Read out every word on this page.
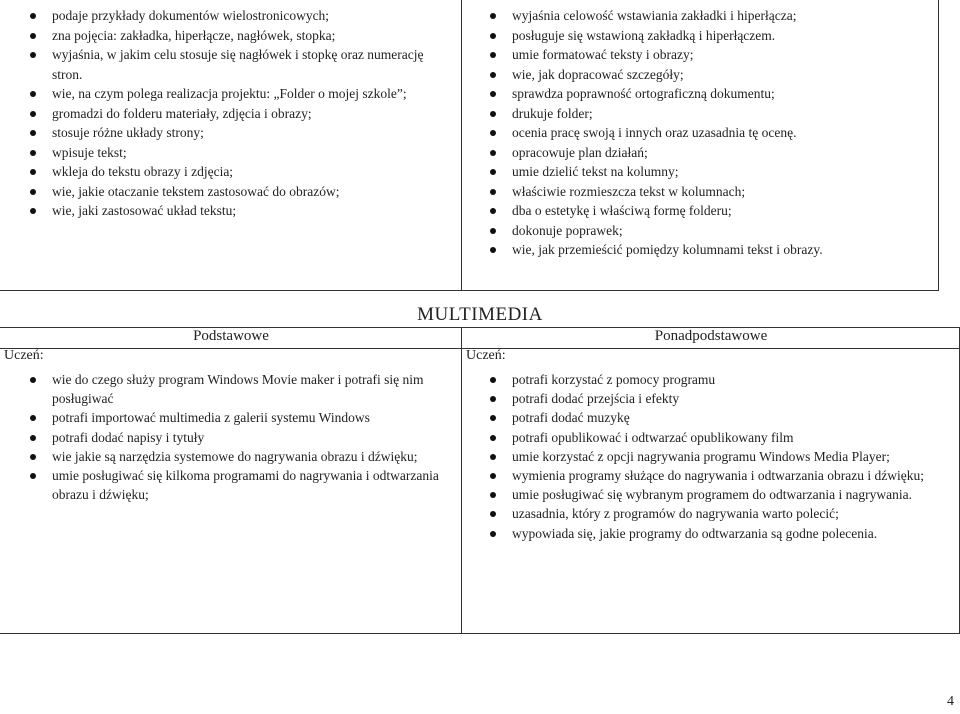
podaje przykłady dokumentów wielostronicowych;
zna pojęcia: zakładka, hiperłącze, nagłówek, stopka;
wyjaśnia, w jakim celu stosuje się nagłówek i stopkę oraz numerację stron.
wie, na czym polega realizacja projektu: „Folder o mojej szkole”;
gromadzi do folderu materiały, zdjęcia i obrazy;
stosuje różne układy strony;
wpisuje tekst;
wkleja do tekstu obrazy i zdjęcia;
wie, jakie otaczanie tekstem zastosować do obrazów;
wie, jaki zastosować układ tekstu;
wyjaśnia celowość wstawiania zakładki i hiperłącza;
posługuje się wstawioną zakładką i hiperłączem.
umie formatować teksty i obrazy;
wie, jak dopracować szczegóły;
sprawdza poprawność ortograficzną dokumentu;
drukuje folder;
ocenia pracę swoją i innych oraz uzasadnia tę ocenę.
opracowuje plan działań;
umie dzielić tekst na kolumny;
właściwie rozmieszcza tekst w kolumnach;
dba o estetykę i właściwą formę folderu;
dokonuje poprawek;
wie, jak przemieścić pomiędzy kolumnami tekst i obrazy.
MULTIMEDIA
Podstawowe	Ponadpodstawowe
Uczeń:	Uczeń:
wie do czego służy program Windows Movie maker i potrafi się nim posługiwać
potrafi importować multimedia z galerii systemu Windows
potrafi dodać napisy i tytuły
wie jakie są narzędzia systemowe do nagrywania obrazu i dźwięku;
umie posługiwać się kilkoma programami do nagrywania i odtwarzania obrazu i dźwięku;
potrafi korzystać z pomocy programu
potrafi dodać przejścia i efekty
potrafi dodać muzykę
potrafi opublikować i odtwarzać opublikowany film
umie korzystać z opcji nagrywania programu Windows Media Player;
wymienia programy służące do nagrywania i odtwarzania obrazu i dźwięku;
umie posługiwać się wybranym programem do odtwarzania i nagrywania.
uzasadnia, który z programów do nagrywania warto polecić;
wypowiada się, jakie programy do odtwarzania są godne polecenia.
4
